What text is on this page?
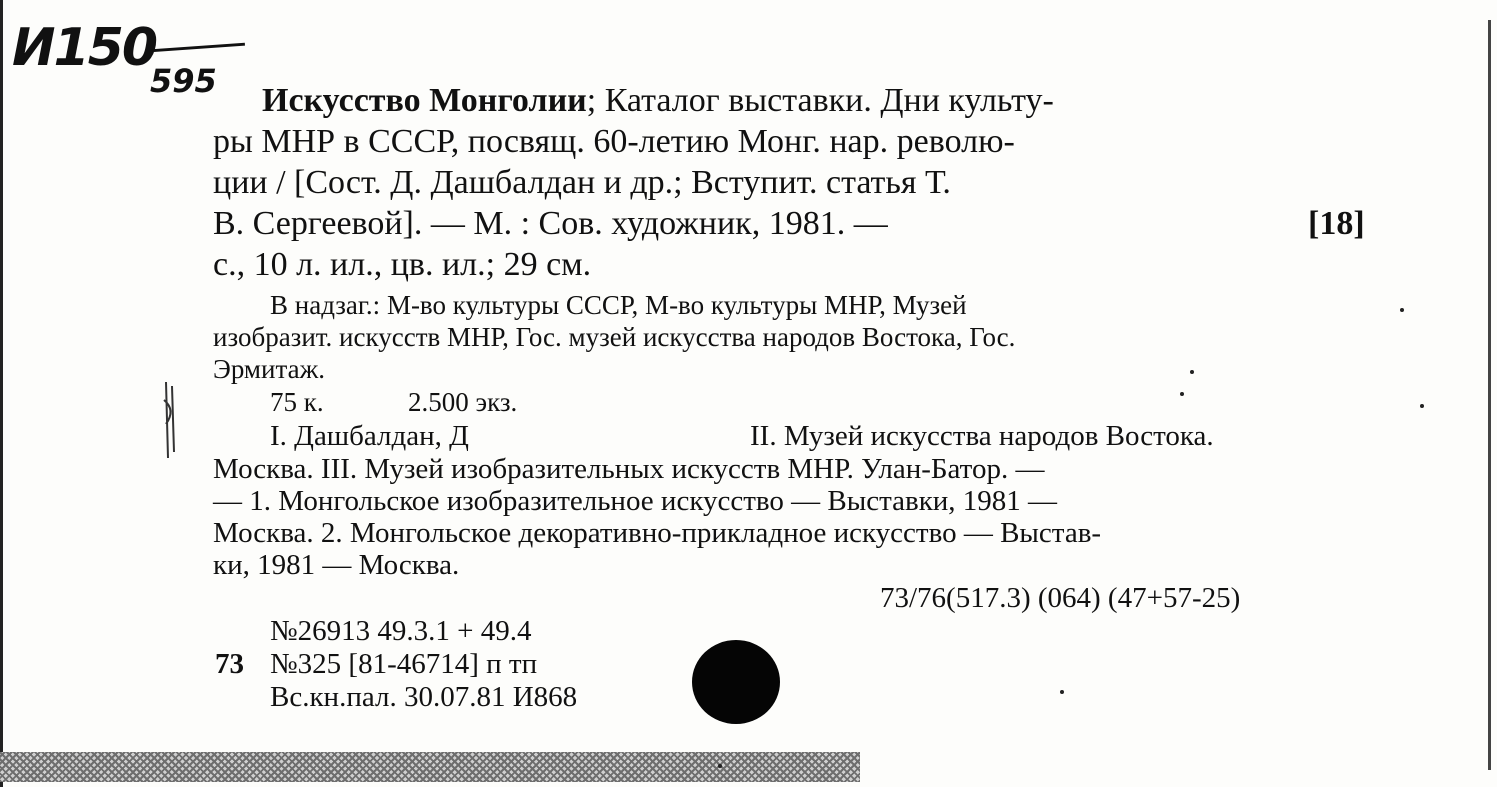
И150
595
Искусство Монголии; Каталог выставки. Дни культу-
ры МНР в СССР, посвящ. 60-летию Монг. нар. револю-
ции / [Сост. Д. Дашбалдан и др.; Вступит. статья Т.
В. Сергеевой]. — М. : Сов. художник, 1981. —	[18]
с., 10 л. ил., цв. ил.; 29 см.
В надзаг.: М-во культуры СССР, М-во культуры МНР, Музей
изобразит. искусств МНР, Гос. музей искусства народов Востока, Гос.
Эрмитаж.
75 к.	2.500 экз.
I. Дашбалдан, Д	II. Музей искусства народов Востока.
Москва. III. Музей изобразительных искусств МНР. Улан-Батор. —
— 1. Монгольское изобразительное искусство — Выставки, 1981 —
Москва. 2. Монгольское декоративно-прикладное искусство — Выстав-
ки, 1981 — Москва.
73/76(517.3) (064) (47+57-25)
№26913 49.3.1 + 49.4
73 №325 [81-46714] п тп
Вс.кн.пал. 30.07.81 И868
